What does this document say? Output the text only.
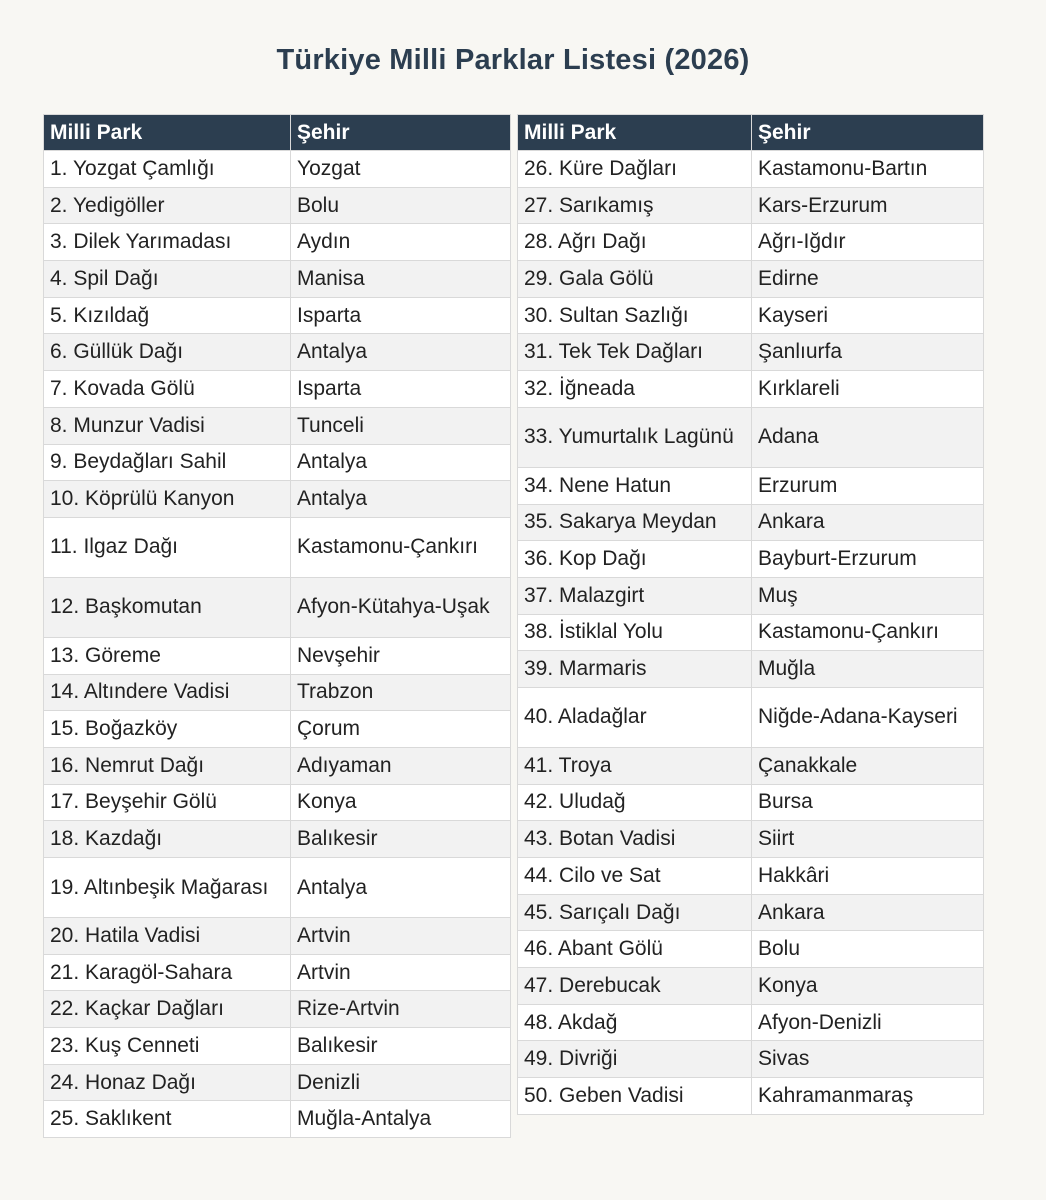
Türkiye Milli Parklar Listesi (2026)
Milli Park	Şehir
1. Yozgat Çamlığı	Yozgat
2. Yedigöller	Bolu
3. Dilek Yarımadası	Aydın
4. Spil Dağı	Manisa
5. Kızıldağ	Isparta
6. Güllük Dağı	Antalya
7. Kovada Gölü	Isparta
8. Munzur Vadisi	Tunceli
9. Beydağları Sahil	Antalya
10. Köprülü Kanyon	Antalya
11. Ilgaz Dağı	Kastamonu-Çankırı
12. Başkomutan	Afyon-Kütahya-Uşak
13. Göreme	Nevşehir
14. Altındere Vadisi	Trabzon
15. Boğazköy	Çorum
16. Nemrut Dağı	Adıyaman
17. Beyşehir Gölü	Konya
18. Kazdağı	Balıkesir
19. Altınbeşik Mağarası	Antalya
20. Hatila Vadisi	Artvin
21. Karagöl-Sahara	Artvin
22. Kaçkar Dağları	Rize-Artvin
23. Kuş Cenneti	Balıkesir
24. Honaz Dağı	Denizli
25. Saklıkent	Muğla-Antalya
Milli Park	Şehir
26. Küre Dağları	Kastamonu-Bartın
27. Sarıkamış	Kars-Erzurum
28. Ağrı Dağı	Ağrı-Iğdır
29. Gala Gölü	Edirne
30. Sultan Sazlığı	Kayseri
31. Tek Tek Dağları	Şanlıurfa
32. İğneada	Kırklareli
33. Yumurtalık Lagünü	Adana
34. Nene Hatun	Erzurum
35. Sakarya Meydan	Ankara
36. Kop Dağı	Bayburt-Erzurum
37. Malazgirt	Muş
38. İstiklal Yolu	Kastamonu-Çankırı
39. Marmaris	Muğla
40. Aladağlar	Niğde-Adana-Kayseri
41. Troya	Çanakkale
42. Uludağ	Bursa
43. Botan Vadisi	Siirt
44. Cilo ve Sat	Hakkâri
45. Sarıçalı Dağı	Ankara
46. Abant Gölü	Bolu
47. Derebucak	Konya
48. Akdağ	Afyon-Denizli
49. Divriği	Sivas
50. Geben Vadisi	Kahramanmaraş
